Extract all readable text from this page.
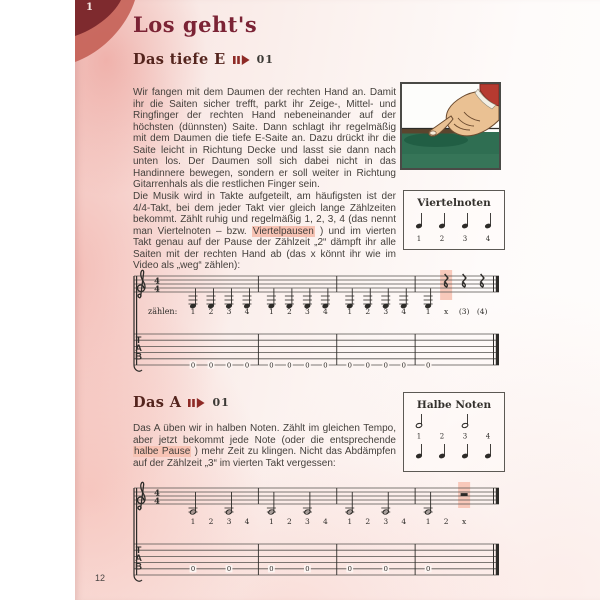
1
Los geht's
Das tiefe E	01

Wir fangen mit dem Daumen der rechten Hand an. Damit ihr die Saiten sicher trefft, parkt ihr Zeige-, Mittel- und Ringfinger der rechten Hand nebeneinander auf der höchsten (dünnsten) Saite. Dann schlagt ihr regelmäßig mit dem Daumen die tiefe E-Saite an. Dazu drückt ihr die Saite leicht in Richtung Decke und lasst sie dann nach unten los. Der Daumen soll sich dabei nicht in das Handinnere bewegen, sondern er soll weiter in Richtung Gitarrenhals als die restlichen Finger sein.

Die Musik wird in Takte aufgeteilt, am häufigsten ist der 4/4-Takt, bei dem jeder Takt vier gleich lange Zählzeiten bekommt. Zählt ruhig und regelmäßig 1, 2, 3, 4 (das nennt man Viertelnoten – bzw. Viertelpausen ) und im vierten Takt genau auf der Pause der Zählzeit „2“ dämpft ihr alle Saiten mit der rechten Hand ab (das x könnt ihr wie im Video als „weg“ zählen):

Viertelnoten
1	2	3	4
4
4
zählen:
T
A
B
1
0
2
0
3
0
4
0
1
0
2
0
3
0
4
0
1
0
2
0
3
0
4
0
1
0
x (3) (4)
Das A	01

Das A üben wir in halben Noten. Zählt im gleichen Tempo, aber jetzt bekommt jede Note (oder die entsprechende halbe Pause ) mehr Zeit zu klingen. Nicht das Abdämpfen auf der Zählzeit „3“ im vierten Takt vergessen:

Halbe Noten
1	2	3	4
4
4
T
A
B
1
0
2 3
0
4	1
0
2 3
0
4	1
0
2 3
0
4	1
0
2 x
12
